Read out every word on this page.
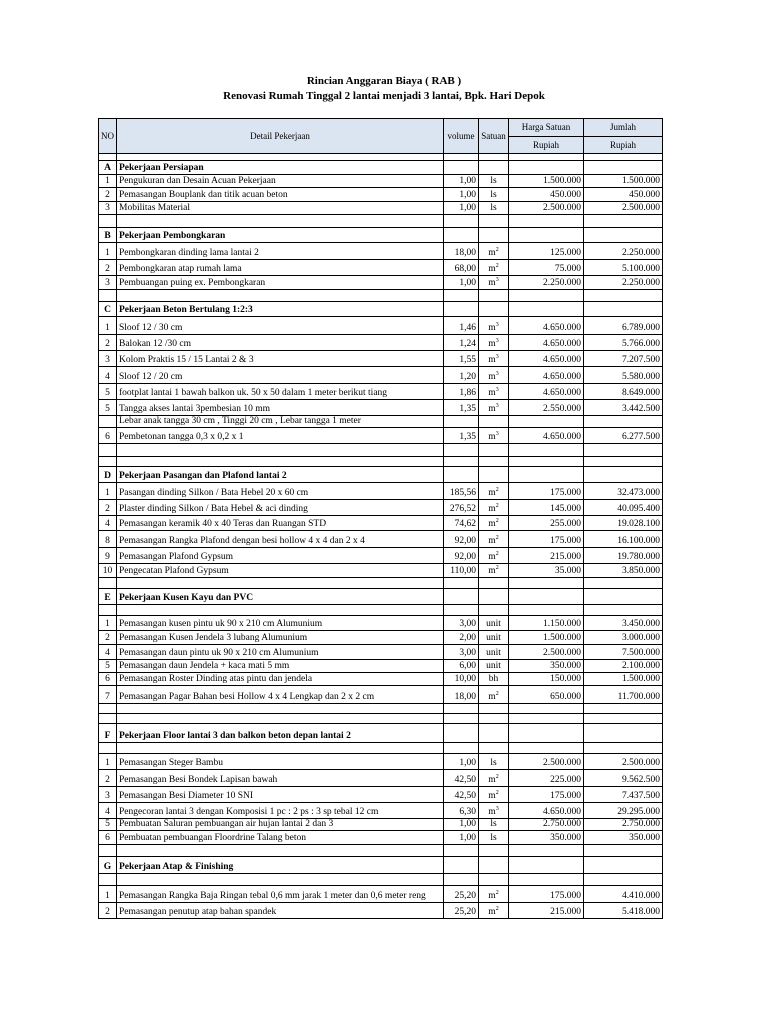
Rincian Anggaran Biaya ( RAB )
Renovasi Rumah Tinggal 2 lantai menjadi 3 lantai, Bpk. Hari Depok
NO	Detail Pekerjaan	volume	Satuan	Harga Satuan	Jumlah
				Rupiah	Rupiah

A	Pekerjaan Persiapan				
1	Pengukuran dan Desain Acuan Pekerjaan	1,00	ls	1.500.000	1.500.000
2	Pemasangan Bouplank dan titik acuan beton	1,00	ls	450.000	450.000
3	Mobilitas Material	1,00	ls	2.500.000	2.500.000

B	Pekerjaan Pembongkaran				
1	Pembongkaran dinding lama lantai 2	18,00	$m^2$	125.000	2.250.000
2	Pembongkaran atap rumah lama	68,00	$m^2$	75.000	5.100.000
3	Pembuangan puing ex. Pembongkaran	1,00	$m^3$	2.250.000	2.250.000

C	Pekerjaan Beton Bertulang 1:2:3				
1	Sloof 12 / 30 cm	1,46	$m^3$	4.650.000	6.789.000
2	Balokan 12 /30 cm	1,24	$m^3$	4.650.000	5.766.000
3	Kolom Praktis 15 / 15 Lantai 2 & 3	1,55	$m^3$	4.650.000	7.207.500
4	Sloof 12 / 20 cm	1,20	$m^3$	4.650.000	5.580.000
5	footplat lantai 1 bawah balkon uk. 50 x 50 dalam 1 meter berikut tiang	1,86	$m^3$	4.650.000	8.649.000
5	Tangga akses lantai 3pembesian 10 mm	1,35	$m^3$	2.550.000	3.442.500
	Lebar anak tangga 30 cm , Tinggi 20 cm , Lebar tangga 1 meter				
6	Pembetonan tangga 0,3 x 0,2 x 1	1,35	$m^3$	4.650.000	6.277.500

D	Pekerjaan Pasangan dan Plafond lantai 2				
1	Pasangan dinding Silkon / Bata Hebel 20 x 60 cm	185,56	$m^2$	175.000	32.473.000
2	Plaster dinding Silkon / Bata Hebel & aci dinding	276,52	$m^2$	145.000	40.095.400
4	Pemasangan keramik 40 x 40 Teras dan Ruangan STD	74,62	$m^2$	255.000	19.028.100
8	Pemasangan Rangka Plafond dengan besi hollow 4 x 4 dan 2 x 4	92,00	$m^2$	175.000	16.100.000
9	Pemasangan Plafond Gypsum	92,00	$m^2$	215.000	19.780.000
10	Pengecatan Plafond Gypsum	110,00	$m^2$	35.000	3.850.000

E	Pekerjaan Kusen Kayu dan PVC				

1	Pemasangan kusen pintu uk 90 x 210 cm Alumunium	3,00	unit	1.150.000	3.450.000
2	Pemasangan Kusen Jendela 3 lubang Alumunium	2,00	unit	1.500.000	3.000.000
4	Pemasangan daun pintu uk 90 x 210 cm Alumunium	3,00	unit	2.500.000	7.500.000
5	Pemasangan daun Jendela + kaca mati 5 mm	6,00	unit	350.000	2.100.000
6	Pemasangan Roster Dinding atas pintu dan jendela	10,00	bh	150.000	1.500.000
7	Pemasangan Pagar Bahan besi Hollow 4 x 4 Lengkap dan 2 x 2 cm	18,00	$m^2$	650.000	11.700.000

F	Pekerjaan Floor lantai 3 dan balkon beton depan lantai 2				

1	Pemasangan Steger Bambu	1,00	ls	2.500.000	2.500.000
2	Pemasangan Besi Bondek Lapisan bawah	42,50	$m^2$	225.000	9.562.500
3	Pemasangan Besi Diameter 10 SNI	42,50	$m^2$	175.000	7.437.500
4	Pengecoran lantai 3 dengan Komposisi 1 pc : 2 ps : 3 sp tebal 12 cm	6,30	$m^3$	4.650.000	29.295.000
5	Pembuatan Saluran pembuangan air hujan lantai 2 dan 3	1,00	ls	2.750.000	2.750.000
6	Pembuatan pembuangan Floordrine Talang beton	1,00	ls	350.000	350.000

G	Pekerjaan Atap & Finishing				

1	Pemasangan Rangka Baja Ringan tebal 0,6 mm jarak 1 meter dan 0,6 meter reng	25,20	$m^2$	175.000	4.410.000
2	Pemasangan penutup atap bahan spandek	25,20	$m^2$	215.000	5.418.000
